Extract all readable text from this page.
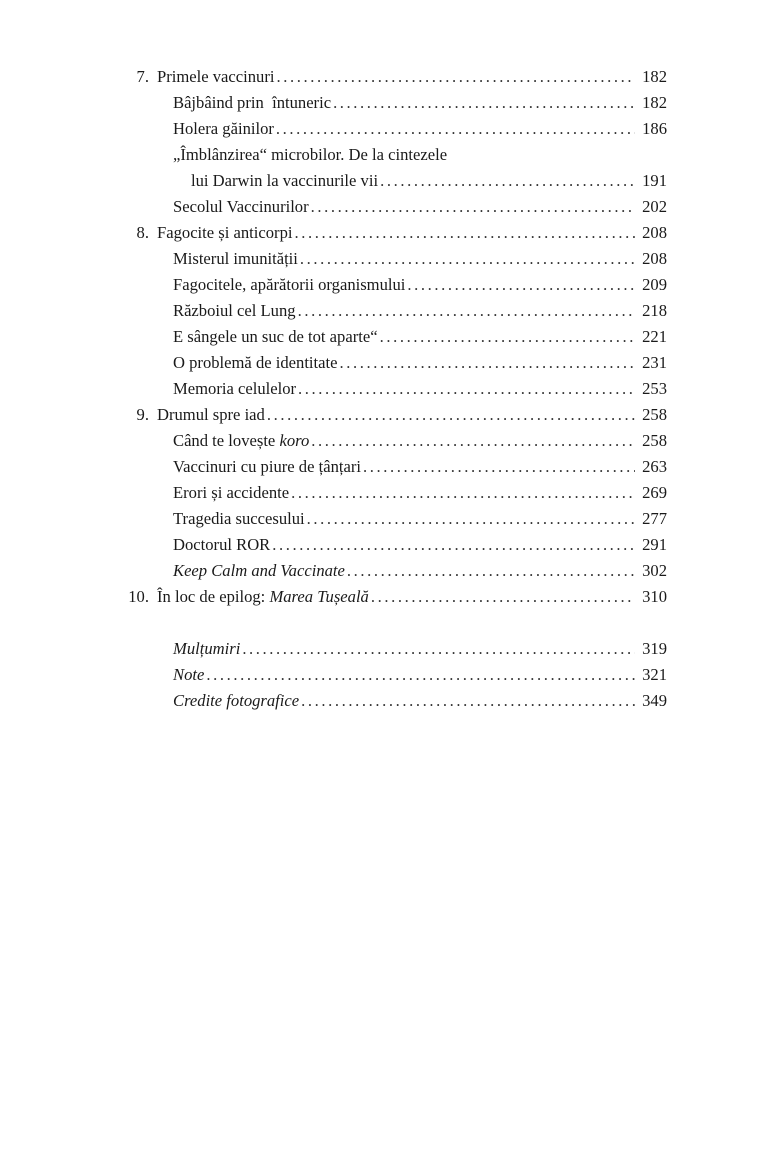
7. Primele vaccinuri .....	182
Bâjbâind prin  întuneric .....	182
Holera găinilor .....	186
„Îmblânzirea“ microbilor. De la cintezele
lui Darwin la vaccinurile vii .....	191
Secolul Vaccinurilor .....	202
8. Fagocite și anticorpi .....	208
Misterul imunității .....	208
Fagocitele, apărătorii organismului .....	209
Războiul cel Lung .....	218
E sângele un suc de tot aparte“ .....	221
O problemă de identitate .....	231
Memoria celulelor .....	253
9. Drumul spre iad .....	258
Când te lovește koro .....	258
Vaccinuri cu piure de țânțari .....	263
Erori și accidente .....	269
Tragedia succesului .....	277
Doctorul ROR .....	291
Keep Calm and Vaccinate .....	302
10. În loc de epilog: Marea Tușeală .....	310
Mulțumiri .....	319
Note .....	321
Credite fotografice .....	349
